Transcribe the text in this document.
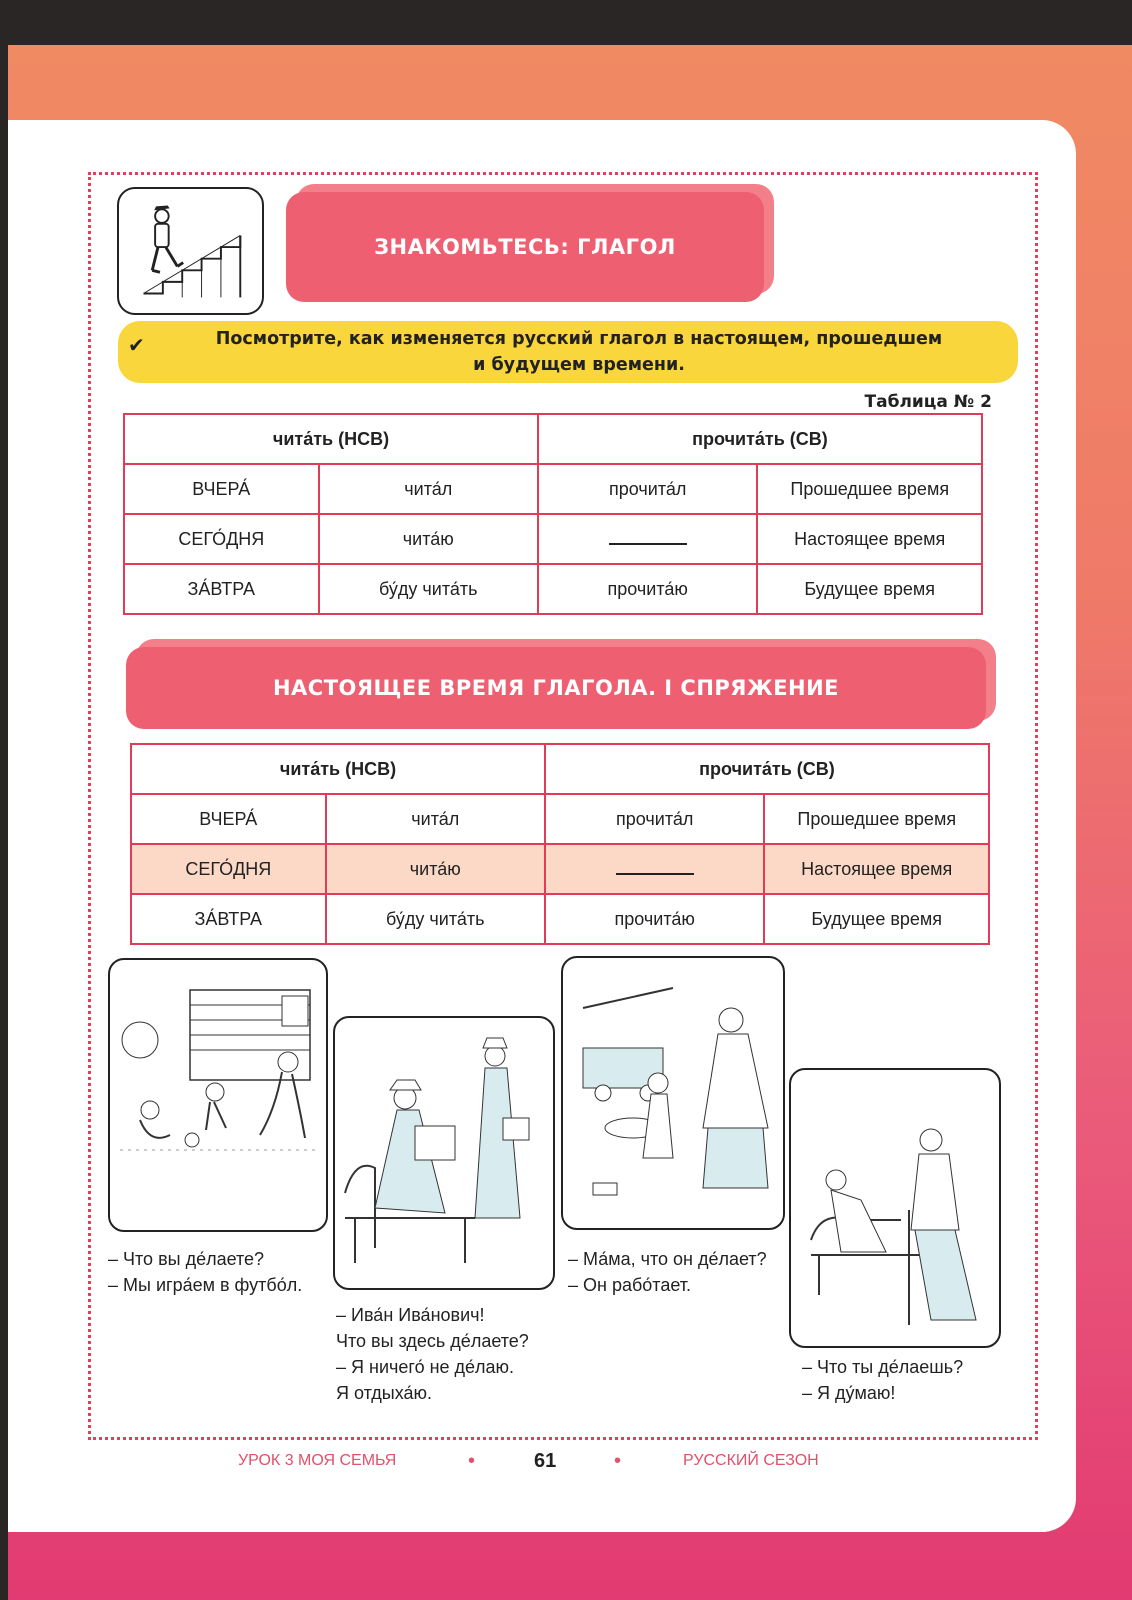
ЗНАКОМЬТЕСЬ: ГЛАГОЛ
✔	Посмотрите, как изменяется русский глагол в настоящем, прошедшем
и будущем времени.
Таблица № 2
чита́ть (НСВ)		прочита́ть (СВ)	
ВЧЕРА́	чита́л	прочита́л	Прошедшее время
СЕГО́ДНЯ	чита́ю		Настоящее время
ЗА́ВТРА	бу́ду чита́ть	прочита́ю	Будущее время
НАСТОЯЩЕЕ ВРЕМЯ ГЛАГОЛА. I СПРЯЖЕНИЕ
чита́ть (НСВ)		прочита́ть (СВ)	
ВЧЕРА́	чита́л	прочита́л	Прошедшее время
СЕГО́ДНЯ	чита́ю		Настоящее время
ЗА́ВТРА	бу́ду чита́ть	прочита́ю	Будущее время
– Что вы де́лаете?
– Мы игра́ем в футбо́л.
– Ива́н Ива́нович!
Что вы здесь де́лаете?
– Я ничего́ не де́лаю.
Я отдыха́ю.
– Ма́ма, что он де́лает?
– Он рабо́тает.
– Что ты де́лаешь?
– Я ду́маю!
УРОК 3 МОЯ СЕМЬЯ	•	61	•	РУССКИЙ СЕЗОН
